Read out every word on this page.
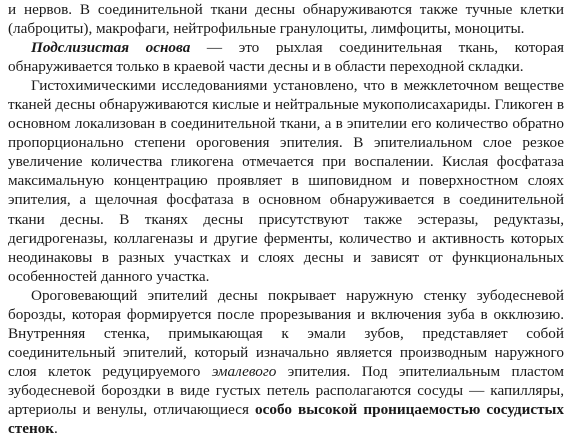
и нервов. В соединительной ткани десны обнаруживаются также тучные клетки (лаброциты), макрофаги, нейтрофильные гранулоциты, лимфоциты, моноциты.

Подслизистая основа — это рыхлая соединительная ткань, которая обнаруживается только в краевой части десны и в области переходной складки.

Гистохимическими исследованиями установлено, что в межклеточном веществе тканей десны обнаруживаются кислые и нейтральные мукополисахариды. Гликоген в основном локализован в соединительной ткани, а в эпителии его количество обратно пропорционально степени ороговения эпителия. В эпителиальном слое резкое увеличение количества гликогена отмечается при воспалении. Кислая фосфатаза максимальную концентрацию проявляет в шиповидном и поверхностном слоях эпителия, а щелочная фосфатаза в основном обнаруживается в соединительной ткани десны. В тканях десны присутствуют также эстеразы, редуктазы, дегидрогеназы, коллагеназы и другие ферменты, количество и активность которых неодинаковы в разных участках и слоях десны и зависят от функциональных особенностей данного участка.

Ороговевающий эпителий десны покрывает наружную стенку зубодесневой борозды, которая формируется после прорезывания и включения зуба в окклюзию. Внутренняя стенка, примыкающая к эмали зубов, представляет собой соединительный эпителий, который изначально является производным наружного слоя клеток редуцируемого эмалевого эпителия. Под эпителиальным пластом зубодесневой бороздки в виде густых петель располагаются сосуды — капилляры, артериолы и венулы, отличающиеся особо высокой проницаемостью сосудистых стенок.
